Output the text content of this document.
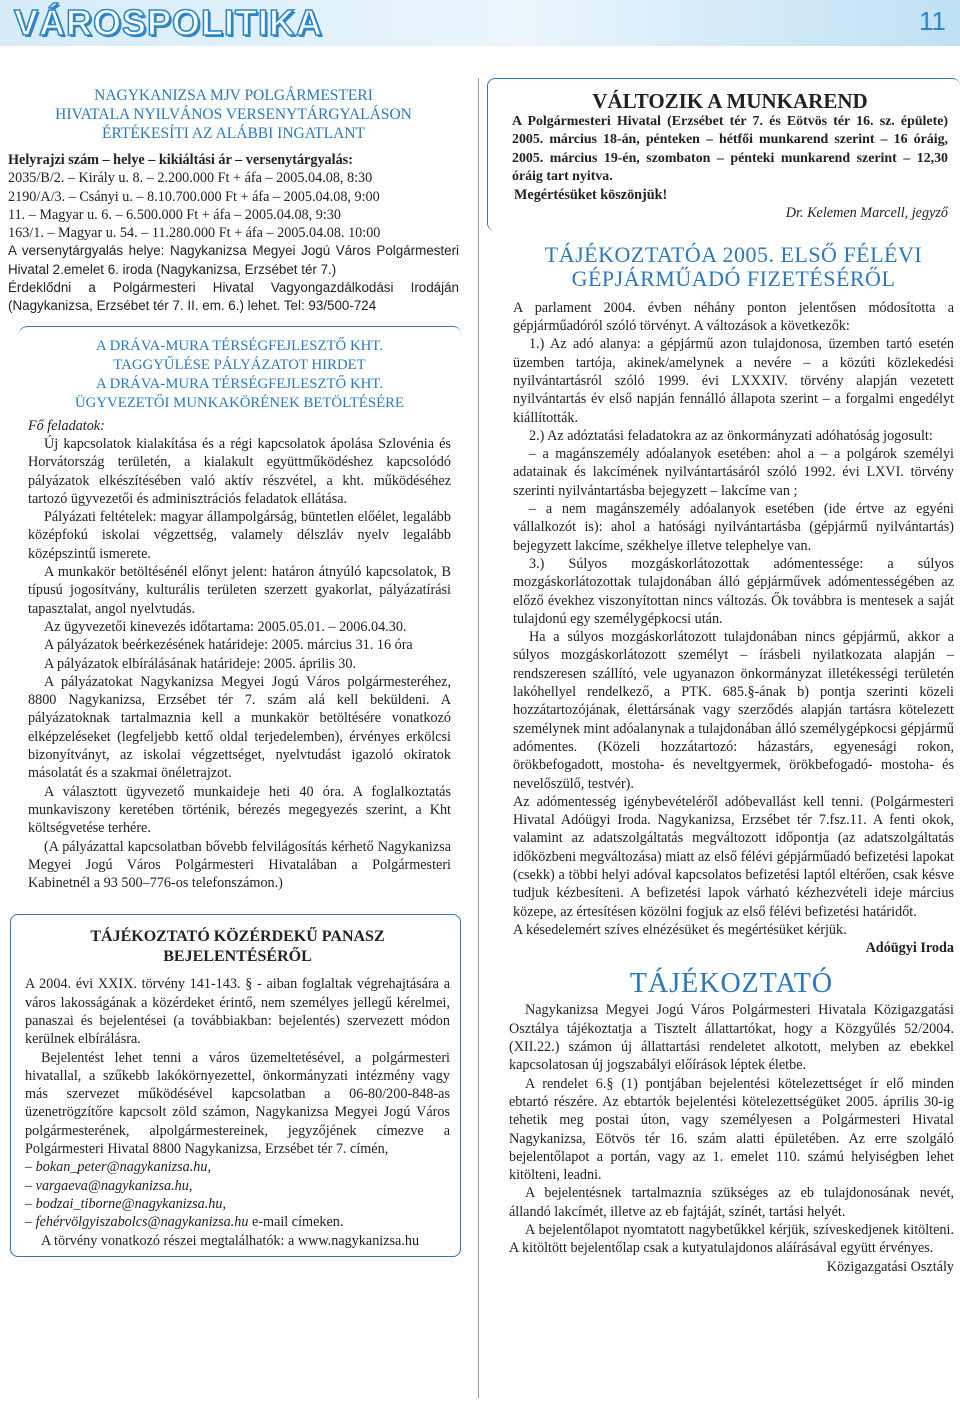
VÁROSPOLITIKA	11

NAGYKANIZSA MJV POLGÁRMESTERI

HIVATALA NYILVÁNOS VERSENYTÁRGYALÁSON

ÉRTÉKESÍTI AZ ALÁBBI INGATLANT

Helyrajzi szám – helye – kikiáltási ár – versenytárgyalás:

2035/B/2. – Király u. 8. – 2.200.000 Ft + áfa – 2005.04.08, 8:30

2190/A/3. – Csányi u. – 8.10.700.000 Ft + áfa – 2005.04.08, 9:00

11. – Magyar u. 6. – 6.500.000 Ft + áfa – 2005.04.08, 9:30

163/1. – Magyar u. 54. – 11.280.000 Ft + áfa – 2005.04.08. 10:00

A versenytárgyalás helye: Nagykanizsa Megyei Jogú Város Polgármesteri Hivatal 2.emelet 6. iroda (Nagykanizsa, Erzsébet tér 7.)

Érdeklődni a Polgármesteri Hivatal Vagyongazdálkodási Irodáján (Nagykanizsa, Erzsébet tér 7. II. em. 6.) lehet. Tel: 93/500-724

A DRÁVA-MURA TÉRSÉGFEJLESZTŐ KHT.

TAGGYŰLÉSE PÁLYÁZATOT HIRDET

A DRÁVA-MURA TÉRSÉGFEJLESZTŐ KHT.

ÜGYVEZETŐI MUNKAKÖRÉNEK BETÖLTÉSÉRE

Fő feladatok:

Új kapcsolatok kialakítása és a régi kapcsolatok ápolása Szlovénia és Horvátország területén, a kialakult együttműködéshez kapcsolódó pályázatok elkészítésében való aktív részvétel, a kht. működéséhez tartozó ügyvezetői és adminisztrációs feladatok ellátása.

Pályázati feltételek: magyar állampolgárság, büntetlen előélet, legalább középfokú iskolai végzettség, valamely délszláv nyelv legalább középszintű ismerete.

A munkakör betöltésénél előnyt jelent: határon átnyúló kapcsolatok, B típusú jogosítvány, kulturális területen szerzett gyakorlat, pályázatírási tapasztalat, angol nyelvtudás.

Az ügyvezetői kinevezés időtartama: 2005.05.01. – 2006.04.30.

A pályázatok beérkezésének határideje: 2005. március 31. 16 óra

A pályázatok elbírálásának határideje: 2005. április 30.

A pályázatokat Nagykanizsa Megyei Jogú Város polgármesteréhez, 8800 Nagykanizsa, Erzsébet tér 7. szám alá kell beküldeni. A pályázatoknak tartalmaznia kell a munkakör betöltésére vonatkozó elképzeléseket (legfeljebb kettő oldal terjedelemben), érvényes erkölcsi bizonyítványt, az iskolai végzettséget, nyelvtudást igazoló okiratok másolatát és a szakmai önéletrajzot.

A választott ügyvezető munkaideje heti 40 óra. A foglalkoztatás munkaviszony keretében történik, bérezés megegyezés szerint, a Kht költségvetése terhére.

(A pályázattal kapcsolatban bővebb felvilágosítás kérhető Nagykanizsa Megyei Jogú Város Polgármesteri Hivatalában a Polgármesteri Kabinetnél a 93 500–776-os telefonszámon.)

TÁJÉKOZTATÓ KÖZÉRDEKŰ PANASZ

BEJELENTÉSÉRŐL

A 2004. évi XXIX. törvény 141-143. § - aiban foglaltak végrehajtására a város lakosságának a közérdeket érintő, nem személyes jellegű kérelmei, panaszai és bejelentései (a továbbiakban: bejelentés) szervezett módon kerülnek elbírálásra.

Bejelentést lehet tenni a város üzemeltetésével, a polgármesteri hivatallal, a szűkebb lakókörnyezettel, önkormányzati intézmény vagy más szervezet működésével kapcsolatban a 06-80/200-848-as üzenetrögzítőre kapcsolt zöld számon, Nagykanizsa Megyei Jogú Város polgármesterének, alpolgármestereinek, jegyzőjének címezve a Polgármesteri Hivatal 8800 Nagykanizsa, Erzsébet tér 7. címén,

– bokan_peter@nagykanizsa.hu,

– vargaeva@nagykanizsa.hu,

– bodzai_tiborne@nagykanizsa.hu,

– fehérvölgyiszabolcs@nagykanizsa.hu e-mail címeken.

A törvény vonatkozó részei megtalálhatók: a www.nagykanizsa.hu

VÁLTOZIK A MUNKAREND

A Polgármesteri Hivatal (Erzsébet tér 7. és Eötvös tér 16. sz. épülete) 2005. március 18-án, pénteken – hétfői munkarend szerint – 16 óráig, 2005. március 19-én, szombaton – pénteki munkarend szerint – 12,30 óráig tart nyitva.

Megértésüket köszönjük!

Dr. Kelemen Marcell, jegyző

TÁJÉKOZTATÓA 2005. ELSŐ FÉLÉVI

GÉPJÁRMŰADÓ FIZETÉSÉRŐL

A parlament 2004. évben néhány ponton jelentősen módosította a gépjárműadóról szóló törvényt. A változások a következők:

1.) Az adó alanya: a gépjármű azon tulajdonosa, üzemben tartó esetén üzemben tartója, akinek/amelynek a nevére – a közúti közlekedési nyilvántartásról szóló 1999. évi LXXXIV. törvény alapján vezetett nyilvántartás év első napján fennálló állapota szerint – a forgalmi engedélyt kiállították.

2.) Az adóztatási feladatokra az az önkormányzati adóhatóság jogosult:

– a magánszemély adóalanyok esetében: ahol a – a polgárok személyi adatainak és lakcímének nyilvántartásáról szóló 1992. évi LXVI. törvény szerinti nyilvántartásba bejegyzett – lakcíme van ;

– a nem magánszemély adóalanyok esetében (ide értve az egyéni vállalkozót is): ahol a hatósági nyilvántartásba (gépjármű nyilvántartás) bejegyzett lakcíme, székhelye illetve telephelye van.

3.) Súlyos mozgáskorlátozottak adómentessége: a súlyos mozgáskorlátozottak tulajdonában álló gépjárművek adómentességében az előző évekhez viszonyítottan nincs változás. Ők továbbra is mentesek a saját tulajdonú egy személygépkocsi után.

Ha a súlyos mozgáskorlátozott tulajdonában nincs gépjármű, akkor a súlyos mozgáskorlátozott személyt – írásbeli nyilatkozata alapján – rendszeresen szállító, vele ugyanazon önkormányzat illetékességi területén lakóhellyel rendelkező, a PTK. 685.§-ának b) pontja szerinti közeli hozzátartozójának, élettársának vagy szerződés alapján tartásra kötelezett személynek mint adóalanynak a tulajdonában álló személygépkocsi gépjármű adómentes. (Közeli hozzátartozó: házastárs, egyenesági rokon, örökbefogadott, mostoha- és neveltgyermek, örökbefogadó- mostoha- és nevelőszülő, testvér).

Az adómentesség igénybevételéről adóbevallást kell tenni. (Polgármesteri Hivatal Adóügyi Iroda. Nagykanizsa, Erzsébet tér 7.fsz.11. A fenti okok, valamint az adatszolgáltatás megváltozott időpontja (az adatszolgáltatás időközbeni megváltozása) miatt az első félévi gépjárműadó befizetési lapokat (csekk) a többi helyi adóval kapcsolatos befizetési laptól eltérően, csak késve tudjuk kézbesíteni. A befizetési lapok várható kézhezvételi ideje március közepe, az értesítésen közölni fogjuk az első félévi befizetési határidőt.

A késedelemért szíves elnézésüket és megértésüket kérjük.

Adóügyi Iroda

TÁJÉKOZTATÓ

Nagykanizsa Megyei Jogú Város Polgármesteri Hivatala Közigazgatási Osztálya tájékoztatja a Tisztelt állattartókat, hogy a Közgyűlés 52/2004. (XII.22.) számon új állattartási rendeletet alkotott, melyben az ebekkel kapcsolatosan új jogszabályi előírások léptek életbe.

A rendelet 6.§ (1) pontjában bejelentési kötelezettséget ír elő minden ebtartó részére. Az ebtartók bejelentési kötelezettségüket 2005. április 30-ig tehetik meg postai úton, vagy személyesen a Polgármesteri Hivatal Nagykanizsa, Eötvös tér 16. szám alatti épületében. Az erre szolgáló bejelentőlapot a portán, vagy az 1. emelet 110. számú helyiségben lehet kitölteni, leadni.

A bejelentésnek tartalmaznia szükséges az eb tulajdonosának nevét, állandó lakcímét, illetve az eb fajtáját, színét, tartási helyét.

A bejelentőlapot nyomtatott nagybetűkkel kérjük, szíveskedjenek kitölteni. A kitöltött bejelentőlap csak a kutyatulajdonos aláírásával együtt érvényes.

Közigazgatási Osztály
